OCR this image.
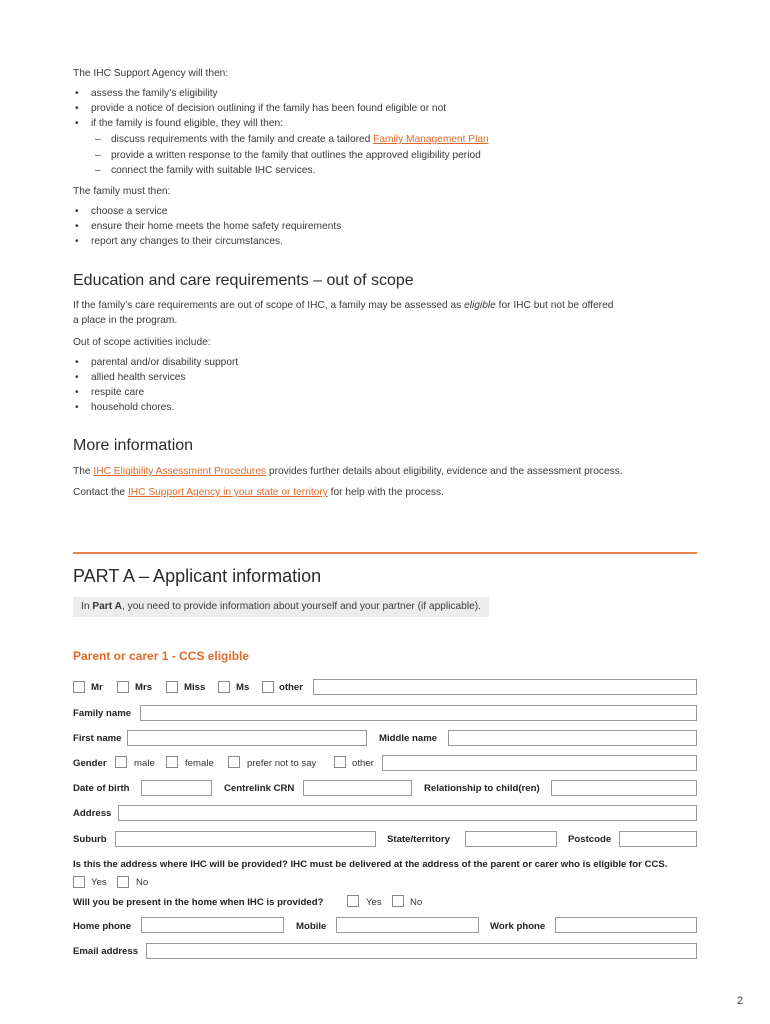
The IHC Support Agency will then:
• assess the family’s eligibility
• provide a notice of decision outlining if the family has been found eligible or not
• if the family is found eligible, they will then:
– discuss requirements with the family and create a tailored Family Management Plan
– provide a written response to the family that outlines the approved eligibility period
– connect the family with suitable IHC services.
The family must then:
• choose a service
• ensure their home meets the home safety requirements
• report any changes to their circumstances.
Education and care requirements – out of scope
If the family’s care requirements are out of scope of IHC, a family may be assessed as eligible for IHC but not be offered
a place in the program.
Out of scope activities include:
• parental and/or disability support
• allied health services
• respite care
• household chores.
More information
The IHC Eligibility Assessment Procedures provides further details about eligibility, evidence and the assessment process.
Contact the IHC Support Agency in your state or territory for help with the process.
PART A – Applicant information
In Part A, you need to provide information about yourself and your partner (if applicable).
Parent or carer 1 - CCS eligible
Mr	Mrs	Miss	Ms	other
Family name
First name	Middle name
Gender	male	female	prefer not to say	other
Date of birth	Centrelink CRN	Relationship to child(ren)
Address
Suburb	State/territory	Postcode
Is this the address where IHC will be provided? IHC must be delivered at the address of the parent or carer who is eligible for CCS.
Yes	No
Will you be present in the home when IHC is provided?	Yes	No
Home phone	Mobile	Work phone
Email address
2
